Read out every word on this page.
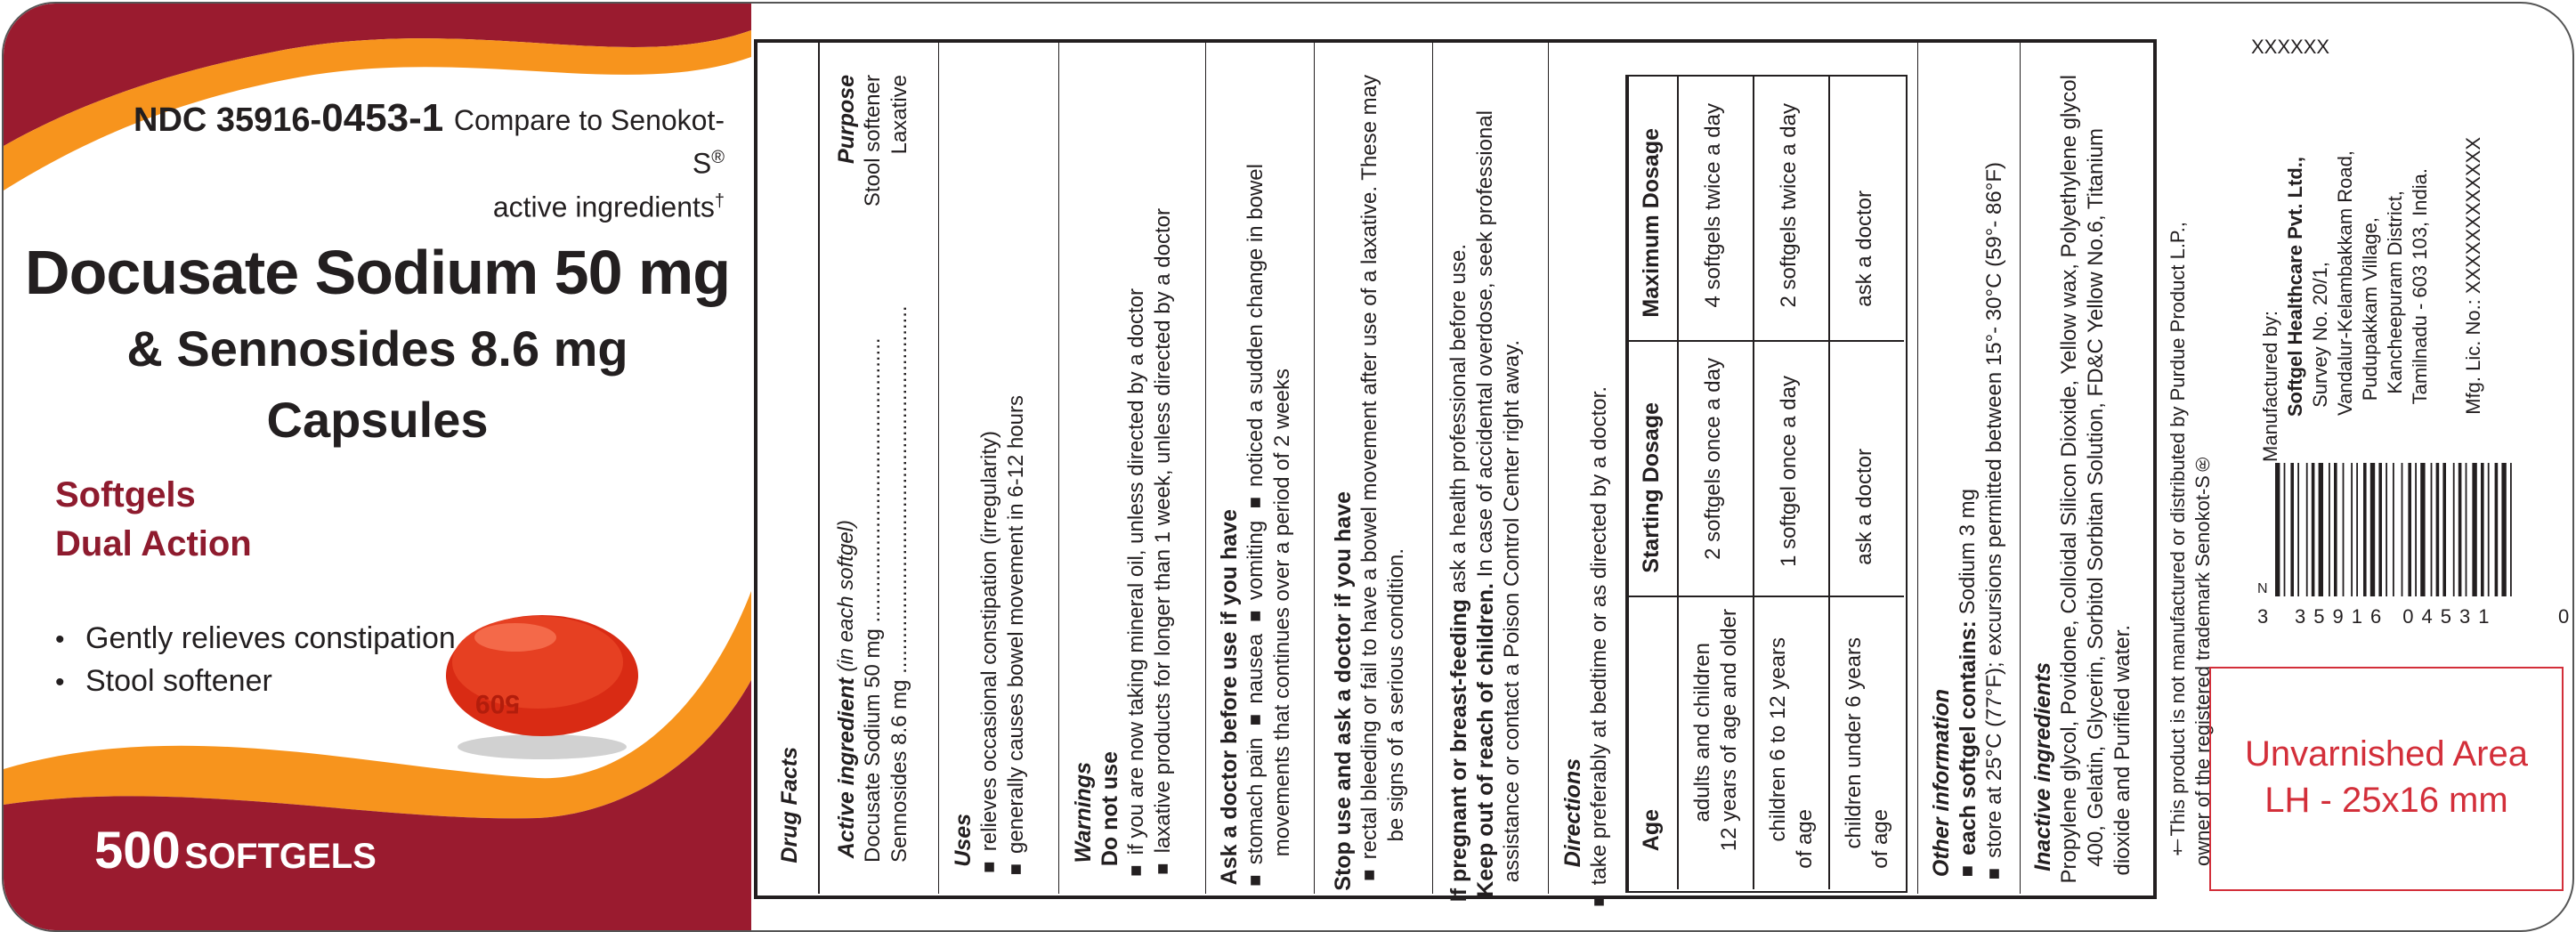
509
NDC 35916-0453-1 Compare to Senokot-S®
active ingredients†
Docusate Sodium 50 mg
& Sennosides 8.6 mg
Capsules
Softgels
Dual Action
• Gently relieves constipation
• Stool softener
500 SOFTGELS	Drug Facts Active ingredient (in each softgel)
Purpose
Docusate Sodium 50 mg ................................................
Stool softener
Sennosides 8.6 mg ..............................................................
Laxative
Uses ■ relieves occasional constipation (irregularity)
■ generally causes bowel movement in 6-12 hours Warnings Do not use
■ if you are now taking mineral oil, unless directed by a doctor
■ laxative products for longer than 1 week, unless directed by a doctor Ask a doctor before use if you have ■ stomach pain ■ nausea ■ vomiting ■ noticed a sudden change in bowel
movements that continues over a period of 2 weeks Stop use and ask a doctor if you have ■ rectal bleeding or fail to have a bowel movement after use of a laxative. These may be signs of a serious condition. If pregnant or breast-feeding ask a health professional before use.
Keep out of reach of children. In case of accidental overdose, seek professional assistance or contact a Poison Control Center right away. Directions
■ take preferably at bedtime or as directed by a doctor. Age
Starting Dosage
Maximum Dosage
adults and children 12 years of age and older
2 softgels once a day
4 softgels twice a day
children 6 to 12 years of age
1 softgel once a day
2 softgels twice a day
children under 6 years of age
ask a doctor
ask a doctor
Other information ■ each softgel contains: Sodium 3 mg
■ store at 25°C (77°F); excursions permitted between 15°- 30°C (59°- 86°F) Inactive ingredients Propylene glycol, Povidone, Colloidal Silicon Dioxide, Yellow wax, Polyethylene glycol 400, Gelatin, Glycerin, Sorbitol Sorbitan Solution, FD&C Yellow No.6, Titanium dioxide and Purified water. †This product is not manufactured or distributed by Purdue Product L.P., owner of the registered trademark Senokot-S®
XXXXXX
Manufactured by: Softgel Healthcare Pvt. Ltd., Survey No. 20/1, Vandalur-Kelambakkam Road, Pudupakkam Village, Kancheepuram District, Tamilnadu - 603 103, India. Mfg. Lic. No.: XXXXXXXXXXXX
N
3 35916 04531	0
Unvarnished Area
LH - 25x16 mm
